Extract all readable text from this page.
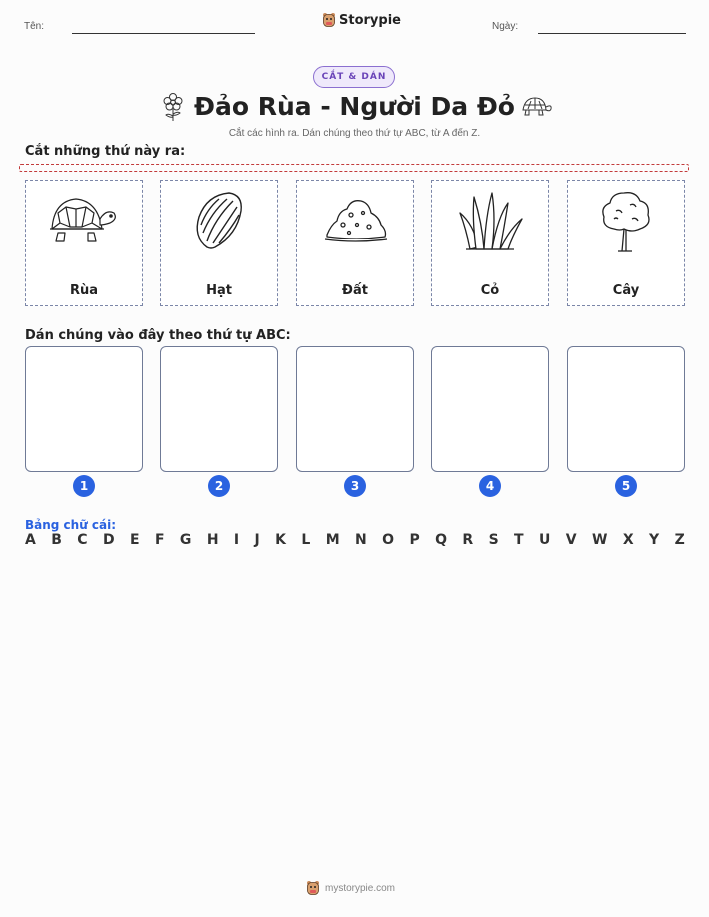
Tên:	Storypie	Ngày:
CẮT & DÁN
Đảo Rùa - Người Da Đỏ
Cắt các hình ra. Dán chúng theo thứ tự ABC, từ A đến Z.
Cắt những thứ này ra:
Rùa	Hạt	Đất	Cỏ	Cây
Dán chúng vào đây theo thứ tự ABC:
1	2	3	4	5
Bảng chữ cái:
A B C D E F G H I J K L M N O P Q R S T U V W X Y Z
mystorypie.com
